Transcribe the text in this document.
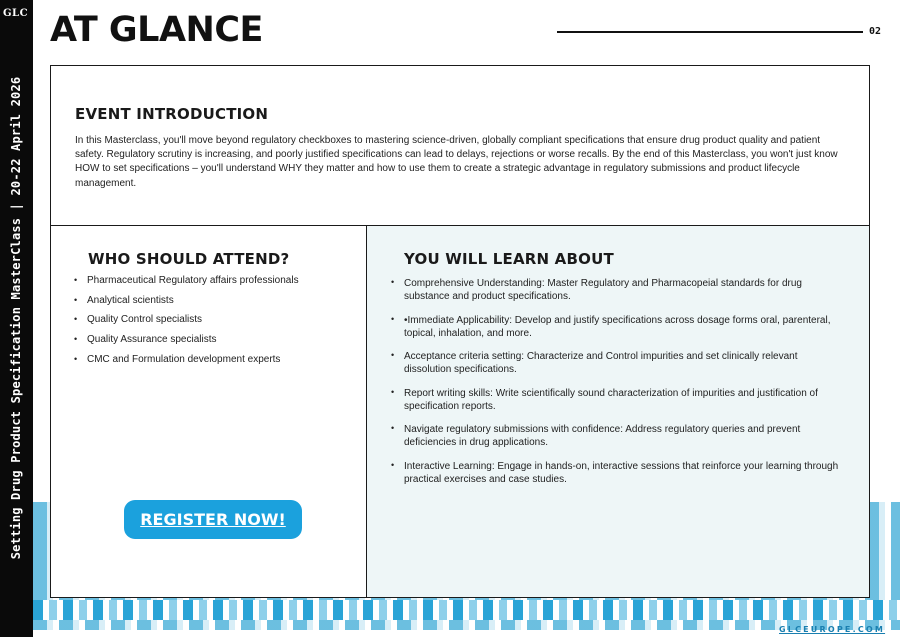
GLC
Setting Drug Product Specification MasterClass | 20-22 April 2026
AT GLANCE	02
EVENT INTRODUCTION

In this Masterclass, you'll move beyond regulatory checkboxes to mastering science-driven, globally compliant specifications that ensure drug product quality and patient safety. Regulatory scrutiny is increasing, and poorly justified specifications can lead to delays, rejections or worse recalls. By the end of this Masterclass, you won't just know HOW to set specifications – you'll understand WHY they matter and how to use them to create a strategic advantage in regulatory submissions and product lifecycle management.

WHO SHOULD ATTEND?
• Pharmaceutical Regulatory affairs professionals
• Analytical scientists
• Quality Control specialists
• Quality Assurance specialists
• CMC and Formulation development experts
REGISTER NOW!
YOU WILL LEARN ABOUT
• Comprehensive Understanding: Master Regulatory and Pharmacopeial standards for drug substance and product specifications.
• •Immediate Applicability: Develop and justify specifications across dosage forms oral, parenteral, topical, inhalation, and more.
• Acceptance criteria setting: Characterize and Control impurities and set clinically relevant dissolution specifications.
• Report writing skills: Write scientifically sound characterization of impurities and justification of specification reports.
• Navigate regulatory submissions with confidence: Address regulatory queries and prevent deficiencies in drug applications.
• Interactive Learning: Engage in hands-on, interactive sessions that reinforce your learning through practical exercises and case studies.
GLCEUROPE.COM
